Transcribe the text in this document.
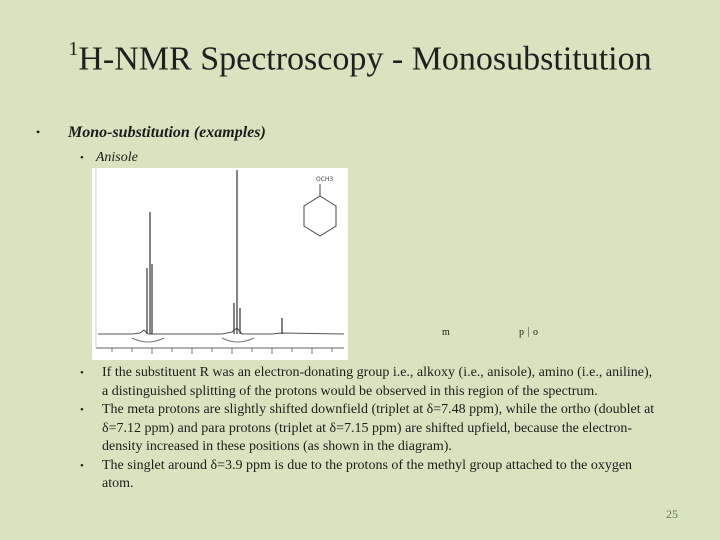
$^1$H-NMR Spectroscopy - Monosubstitution
• Mono-substitution (examples)
• Anisole
OCH3
m	p o
• If the substituent R was an electron-donating group i.e., alkoxy (i.e., anisole), amino (i.e., aniline), a distinguished splitting of the protons would be observed in this region of the spectrum.
• The meta protons are slightly shifted downfield (triplet at δ=7.48 ppm), while the ortho (doublet at δ=7.12 ppm) and para protons (triplet at δ=7.15 ppm) are shifted upfield, because the electron-density increased in these positions (as shown in the diagram).
• The singlet around δ=3.9 ppm is due to the protons of the methyl group attached to the oxygen atom.
25
